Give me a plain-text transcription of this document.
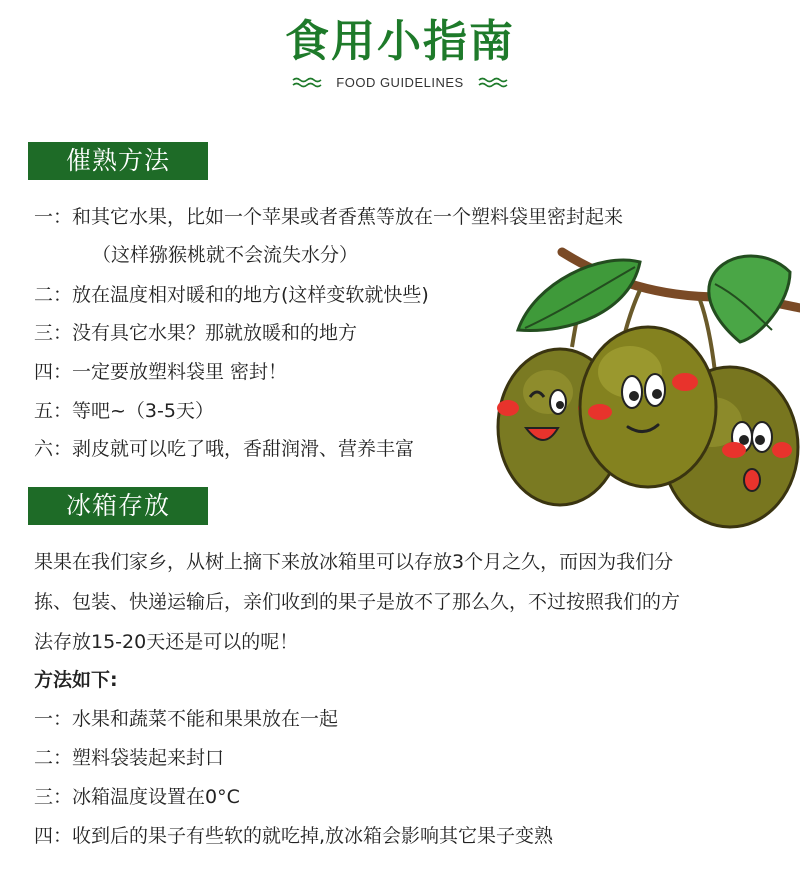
食用小指南
FOOD GUIDELINES
催熟方法
一：和其它水果，比如一个苹果或者香蕉等放在一个塑料袋里密封起来
（这样猕猴桃就不会流失水分）
二：放在温度相对暖和的地方(这样变软就快些)
三：没有具它水果？那就放暖和的地方
四：一定要放塑料袋里 密封！
五：等吧~（3-5天）
六：剥皮就可以吃了哦，香甜润滑、营养丰富
冰箱存放
果果在我们家乡，从树上摘下来放冰箱里可以存放3个月之久，而因为我们分
拣、包装、快递运输后，亲们收到的果子是放不了那么久，不过按照我们的方
法存放15-20天还是可以的呢！
方法如下:
一：水果和蔬菜不能和果果放在一起
二：塑料袋装起来封口
三：冰箱温度设置在0°C
四：收到后的果子有些软的就吃掉,放冰箱会影响其它果子变熟
